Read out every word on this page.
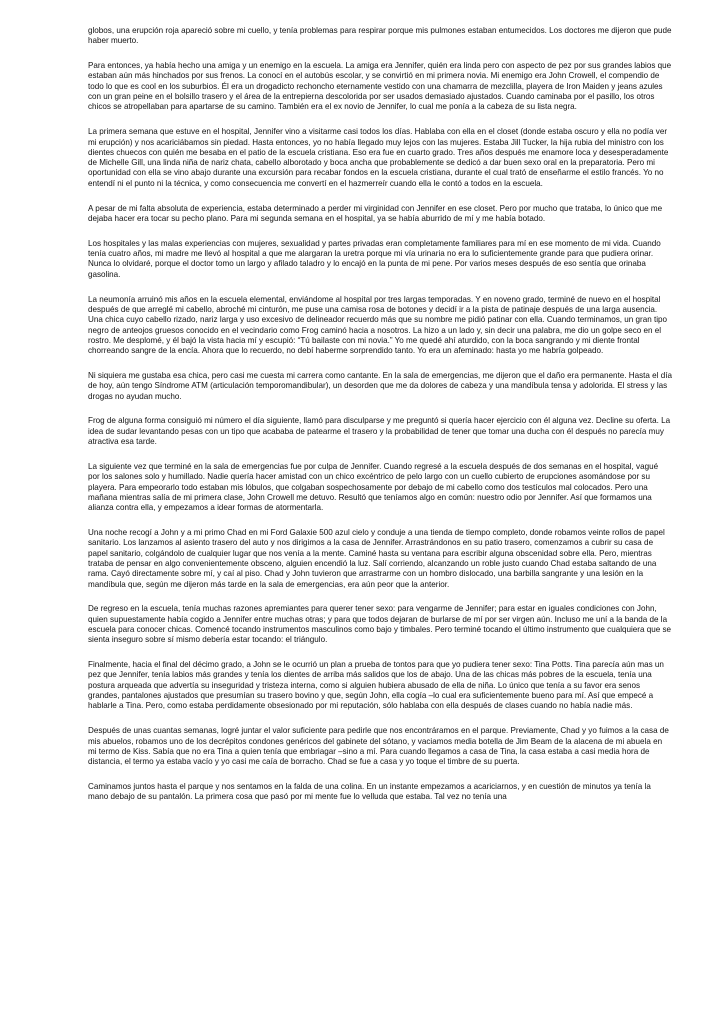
globos, una erupción roja apareció sobre mi cuello, y tenía problemas para respirar porque mis pulmones estaban entumecidos. Los doctores me dijeron que pude haber muerto.

Para entonces, ya había hecho una amiga y un enemigo en la escuela. La amiga era Jennifer, quién era linda pero con aspecto de pez por sus grandes labios que estaban aún más hinchados por sus frenos. La conocí en el autobús escolar, y se convirtió en mi primera novia. Mi enemigo era John Crowell, el compendio de todo lo que es cool en los suburbios. Él era un drogadicto rechoncho eternamente vestido con una chamarra de mezclilla, playera de Iron Maiden y jeans azules con un gran peine en el bolsillo trasero y el área de la entrepierna descolorida por ser usados demasiado ajustados. Cuando caminaba por el pasillo, los otros chicos se atropellaban para apartarse de su camino. También era el ex novio de Jennifer, lo cual me ponía a la cabeza de su lista negra.

La primera semana que estuve en el hospital, Jennifer vino a visitarme casi todos los días. Hablaba con ella en el closet (donde estaba oscuro y ella no podía ver mi erupción) y nos acariciábamos sin piedad. Hasta entonces, yo no había llegado muy lejos con las mujeres. Estaba Jill Tucker, la hija rubia del ministro con los dientes chuecos con quién me besaba en el patio de la escuela cristiana. Eso era fue en cuarto grado. Tres años después me enamore loca y desesperadamente de Michelle Gill, una linda niña de nariz chata, cabello alborotado y boca ancha que probablemente se dedicó a dar buen sexo oral en la preparatoria. Pero mi oportunidad con ella se vino abajo durante una excursión para recabar fondos en la escuela cristiana, durante el cual trató de enseñarme el estilo francés. Yo no entendí ni el punto ni la técnica, y como consecuencia me convertí en el hazmerreír cuando ella le contó a todos en la escuela.

A pesar de mi falta absoluta de experiencia, estaba determinado a perder mi virginidad con Jennifer en ese closet. Pero por mucho que trataba, lo único que me dejaba hacer era tocar su pecho plano. Para mi segunda semana en el hospital, ya se había aburrido de mí y me había botado.

Los hospitales y las malas experiencias con mujeres, sexualidad y partes privadas eran completamente familiares para mí en ese momento de mi vida. Cuando tenía cuatro años, mi madre me llevó al hospital a que me alargaran la uretra porque mi vía urinaria no era lo suficientemente grande para que pudiera orinar. Nunca lo olvidaré, porque el doctor tomo un largo y afilado taladro y lo encajó en la punta de mi pene. Por varios meses después de eso sentía que orinaba gasolina.

La neumonía arruinó mis años en la escuela elemental, enviándome al hospital por tres largas temporadas. Y en noveno grado, terminé de nuevo en el hospital después de que arreglé mi cabello, abroché mi cinturón, me puse una camisa rosa de botones y decidí ir a la pista de patinaje después de una larga ausencia. Una chica cuyo cabello rizado, nariz larga y uso excesivo de delineador recuerdo más que su nombre me pidió patinar con ella. Cuando terminamos, un gran tipo negro de anteojos gruesos conocido en el vecindario como Frog caminó hacia a nosotros. La hizo a un lado y, sin decir una palabra, me dio un golpe seco en el rostro. Me desplomé, y él bajó la vista hacia mí y escupió: “Tú bailaste con mi novia.” Yo me quedé ahí aturdido, con la boca sangrando y mi diente frontal chorreando sangre de la encía. Ahora que lo recuerdo, no debí haberme sorprendido tanto. Yo era un afeminado: hasta yo me habría golpeado.

Ni siquiera me gustaba esa chica, pero casi me cuesta mi carrera como cantante. En la sala de emergencias, me dijeron que el daño era permanente. Hasta el día de hoy, aún tengo Síndrome ATM (articulación temporomandibular), un desorden que me da dolores de cabeza y una mandíbula tensa y adolorida. El stress y las drogas no ayudan mucho.

Frog de alguna forma consiguió mi número el día siguiente, llamó para disculparse y me preguntó si quería hacer ejercicio con él alguna vez. Decline su oferta. La idea de sudar levantando pesas con un tipo que acababa de patearme el trasero y la probabilidad de tener que tomar una ducha con él después no parecía muy atractiva esa tarde.

La siguiente vez que terminé en la sala de emergencias fue por culpa de Jennifer. Cuando regresé a la escuela después de dos semanas en el hospital, vagué por los salones solo y humillado. Nadie quería hacer amistad con un chico excéntrico de pelo largo con un cuello cubierto de erupciones asomándose por su playera. Para empeorarlo todo estaban mis lóbulos, que colgaban sospechosamente por debajo de mi cabello como dos testículos mal colocados. Pero una mañana mientras salía de mi primera clase, John Crowell me detuvo. Resultó que teníamos algo en común: nuestro odio por Jennifer. Así que formamos una alianza contra ella, y empezamos a idear formas de atormentarla.

Una noche recogí a John y a mi primo Chad en mi Ford Galaxie 500 azul cielo y conduje a una tienda de tiempo completo, donde robamos veinte rollos de papel sanitario. Los lanzamos al asiento trasero del auto y nos dirigimos a la casa de Jennifer. Arrastrándonos en su patio trasero, comenzamos a cubrir su casa de papel sanitario, colgándolo de cualquier lugar que nos venía a la mente. Caminé hasta su ventana para escribir alguna obscenidad sobre ella. Pero, mientras trataba de pensar en algo convenientemente obsceno, alguien encendió la luz. Salí corriendo, alcanzando un roble justo cuando Chad estaba saltando de una rama. Cayó directamente sobre mí, y caí al piso. Chad y John tuvieron que arrastrarme con un hombro dislocado, una barbilla sangrante y una lesión en la mandíbula que, según me dijeron más tarde en la sala de emergencias, era aún peor que la anterior.

De regreso en la escuela, tenía muchas razones apremiantes para querer tener sexo: para vengarme de Jennifer; para estar en iguales condiciones con John, quien supuestamente había cogido a Jennifer entre muchas otras; y para que todos dejaran de burlarse de mí por ser virgen aún. Incluso me uní a la banda de la escuela para conocer chicas. Comencé tocando instrumentos masculinos como bajo y timbales. Pero terminé tocando el último instrumento que cualquiera que se sienta inseguro sobre sí mismo debería estar tocando: el triángulo.

Finalmente, hacia el final del décimo grado, a John se le ocurrió un plan a prueba de tontos para que yo pudiera tener sexo: Tina Potts. Tina parecía aún mas un pez que Jennifer, tenía labios más grandes y tenía los dientes de arriba más salidos que los de abajo. Una de las chicas más pobres de la escuela, tenía una postura arqueada que advertía su inseguridad y tristeza interna, como si alguien hubiera abusado de ella de niña. Lo único que tenía a su favor era senos grandes, pantalones ajustados que presumían su trasero bovino y que, según John, ella cogía –lo cual era suficientemente bueno para mí. Así que empecé a hablarle a Tina. Pero, como estaba perdidamente obsesionado por mi reputación, sólo hablaba con ella después de clases cuando no había nadie más.

Después de unas cuantas semanas, logré juntar el valor suficiente para pedirle que nos encontráramos en el parque. Previamente, Chad y yo fuimos a la casa de mis abuelos, robamos uno de los decrépitos condones genéricos del gabinete del sótano, y vaciamos media botella de Jim Beam de la alacena de mi abuela en mi termo de Kiss. Sabía que no era Tina a quien tenía que embriagar –sino a mí. Para cuando llegamos a casa de Tina, la casa estaba a casi media hora de distancia, el termo ya estaba vacío y yo casi me caía de borracho. Chad se fue a casa y yo toque el timbre de su puerta.

Caminamos juntos hasta el parque y nos sentamos en la falda de una colina. En un instante empezamos a acariciarnos, y en cuestión de minutos ya tenía la mano debajo de su pantalón. La primera cosa que pasó por mi mente fue lo velluda que estaba. Tal vez no tenía una
